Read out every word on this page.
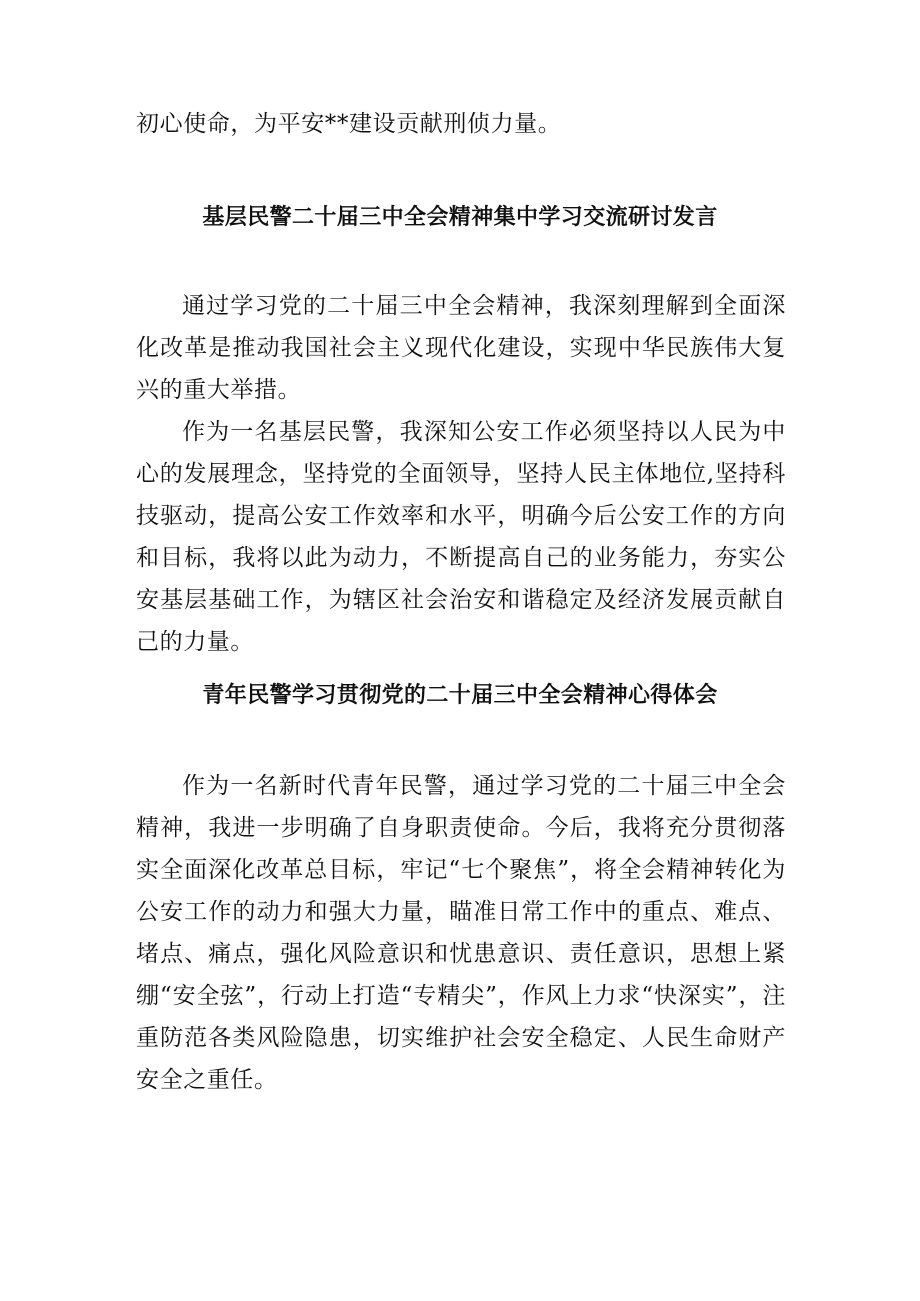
初心使命，为平安**建设贡献刑侦力量。

基层民警二十届三中全会精神集中学习交流研讨发言

通过学习党的二十届三中全会精神，我深刻理解到全面深化改革是推动我国社会主义现代化建设，实现中华民族伟大复兴的重大举措。

作为一名基层民警，我深知公安工作必须坚持以人民为中心的发展理念，坚持党的全面领导，坚持人民主体地位,坚持科技驱动，提高公安工作效率和水平，明确今后公安工作的方向和目标，我将以此为动力，不断提高自己的业务能力，夯实公安基层基础工作，为辖区社会治安和谐稳定及经济发展贡献自己的力量。

青年民警学习贯彻党的二十届三中全会精神心得体会

作为一名新时代青年民警，通过学习党的二十届三中全会精神，我进一步明确了自身职责使命。今后，我将充分贯彻落实全面深化改革总目标，牢记“七个聚焦”，将全会精神转化为公安工作的动力和强大力量，瞄准日常工作中的重点、难点、堵点、痛点，强化风险意识和忧患意识、责任意识，思想上紧绷“安全弦”，行动上打造“专精尖”，作风上力求“快深实”，注重防范各类风险隐患，切实维护社会安全稳定、人民生命财产安全之重任。
